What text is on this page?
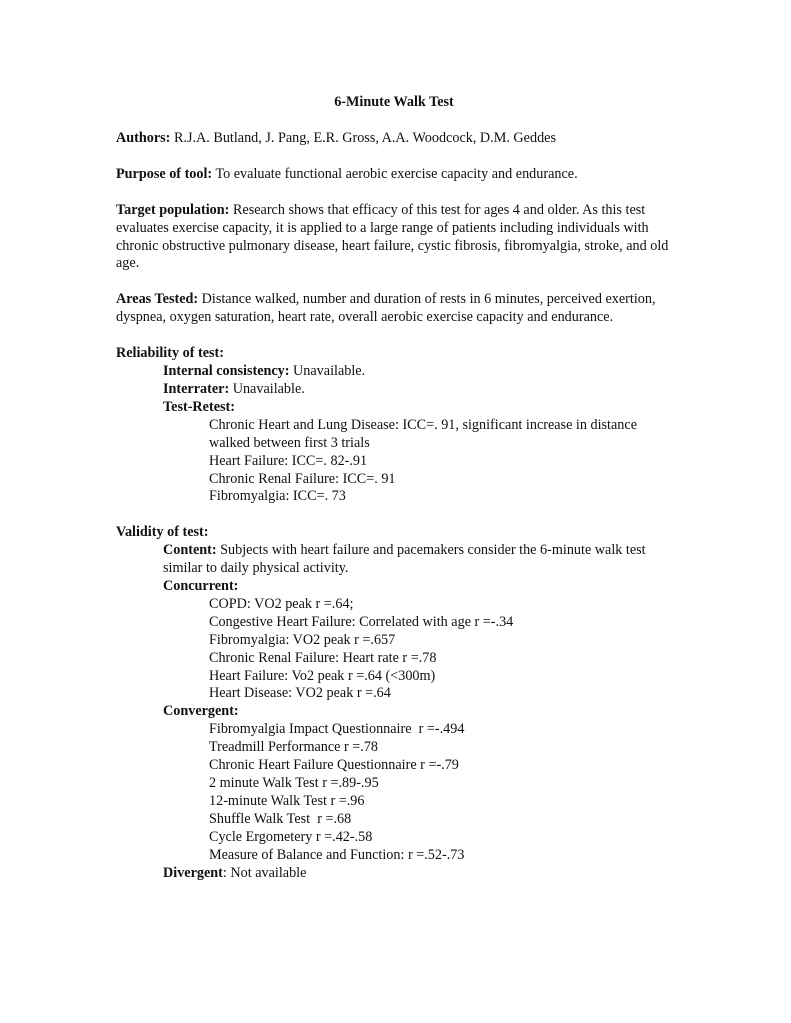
6-Minute Walk Test
Authors: R.J.A. Butland, J. Pang, E.R. Gross, A.A. Woodcock, D.M. Geddes
Purpose of tool: To evaluate functional aerobic exercise capacity and endurance.
Target population: Research shows that efficacy of this test for ages 4 and older. As this test evaluates exercise capacity, it is applied to a large range of patients including individuals with chronic obstructive pulmonary disease, heart failure, cystic fibrosis, fibromyalgia, stroke, and old age.
Areas Tested: Distance walked, number and duration of rests in 6 minutes, perceived exertion, dyspnea, oxygen saturation, heart rate, overall aerobic exercise capacity and endurance.
Reliability of test:
Internal consistency: Unavailable.
Interrater: Unavailable.
Test-Retest:
Chronic Heart and Lung Disease: ICC=. 91, significant increase in distance walked between first 3 trials
Heart Failure: ICC=. 82-.91
Chronic Renal Failure: ICC=. 91
Fibromyalgia: ICC=. 73
Validity of test:
Content: Subjects with heart failure and pacemakers consider the 6-minute walk test similar to daily physical activity.
Concurrent:
COPD: VO2 peak r =.64;
Congestive Heart Failure: Correlated with age r =-.34
Fibromyalgia: VO2 peak r =.657
Chronic Renal Failure: Heart rate r =.78
Heart Failure: Vo2 peak r =.64 (<300m)
Heart Disease: VO2 peak r =.64
Convergent:
Fibromyalgia Impact Questionnaire  r =-.494
Treadmill Performance r =.78
Chronic Heart Failure Questionnaire r =-.79
2 minute Walk Test r =.89-.95
12-minute Walk Test r =.96
Shuffle Walk Test  r =.68
Cycle Ergometery r =.42-.58
Measure of Balance and Function: r =.52-.73
Divergent: Not available
